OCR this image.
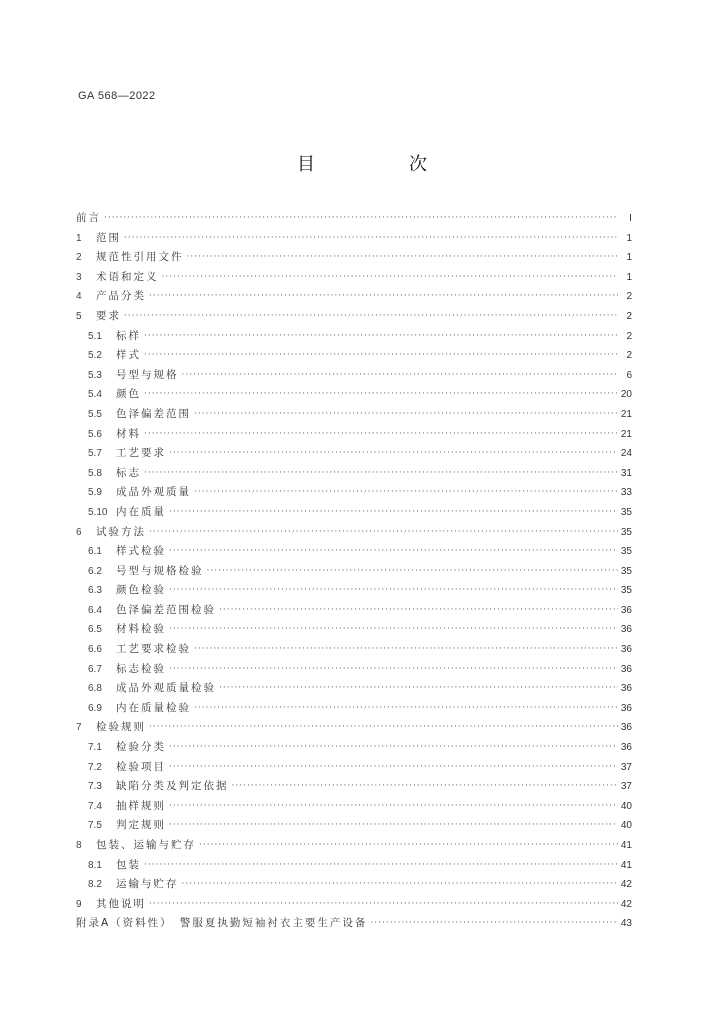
GA 568—2022
目　次
前言 ·····	Ⅰ
1	范围 ·····	1
2	规范性引用文件 ·····	1
3	术语和定义 ·····	1
4	产品分类 ·····	2
5	要求 ·····	2
5.1	标样 ·····	2
5.2	样式 ·····	2
5.3	号型与规格 ·····	6
5.4	颜色 ·····	20
5.5	色泽偏差范围 ·····	21
5.6	材料 ·····	21
5.7	工艺要求 ·····	24
5.8	标志 ·····	31
5.9	成品外观质量 ·····	33
5.10 内在质量 ·····	35
6	试验方法 ·····	35
6.1	样式检验 ·····	35
6.2	号型与规格检验 ·····	35
6.3	颜色检验 ·····	35
6.4	色泽偏差范围检验 ·····	36
6.5	材料检验 ·····	36
6.6	工艺要求检验 ·····	36
6.7	标志检验 ·····	36
6.8	成品外观质量检验 ·····	36
6.9	内在质量检验 ·····	36
7	检验规则 ·····	36
7.1	检验分类 ·····	36
7.2	检验项目 ·····	37
7.3	缺陷分类及判定依据 ·····	37
7.4	抽样规则 ·····	40
7.5	判定规则 ·····	40
8	包装、运输与贮存 ·····	41
8.1	包装 ·····	41
8.2	运输与贮存 ·····	42
9	其他说明 ·····	42
附录A（资料性）　警服夏执勤短袖衬衣主要生产设备 ·····	43
